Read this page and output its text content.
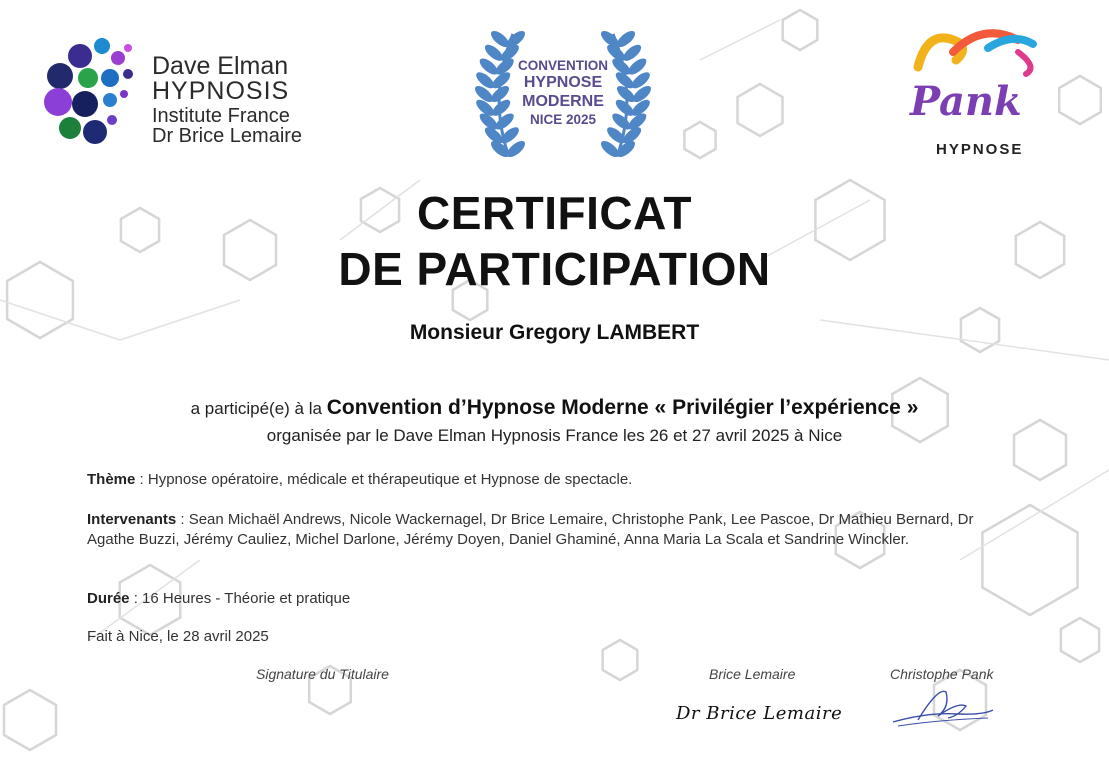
Dave Elman
HYPNOSIS
Institute France
Dr Brice Lemaire
CONVENTION
HYPNOSE
MODERNE
NICE 2025	Pank
HYPNOSE
CERTIFICAT
DE PARTICIPATION
Monsieur Gregory LAMBERT
a participé(e) à la Convention d’Hypnose Moderne « Privilégier l’expérience »
organisée par le Dave Elman Hypnosis France les 26 et 27 avril 2025 à Nice
Thème : Hypnose opératoire, médicale et thérapeutique et Hypnose de spectacle.
Intervenants : Sean Michaël Andrews, Nicole Wackernagel, Dr Brice Lemaire, Christophe Pank, Lee Pascoe, Dr Mathieu Bernard, Dr Agathe Buzzi, Jérémy Cauliez, Michel Darlone, Jérémy Doyen, Daniel Ghaminé, Anna Maria La Scala et Sandrine Winckler.
Durée : 16 Heures - Théorie et pratique
Fait à Nice, le 28 avril 2025
Signature du Titulaire	Brice Lemaire	Christophe Pank
Dr Brice Lemaire
